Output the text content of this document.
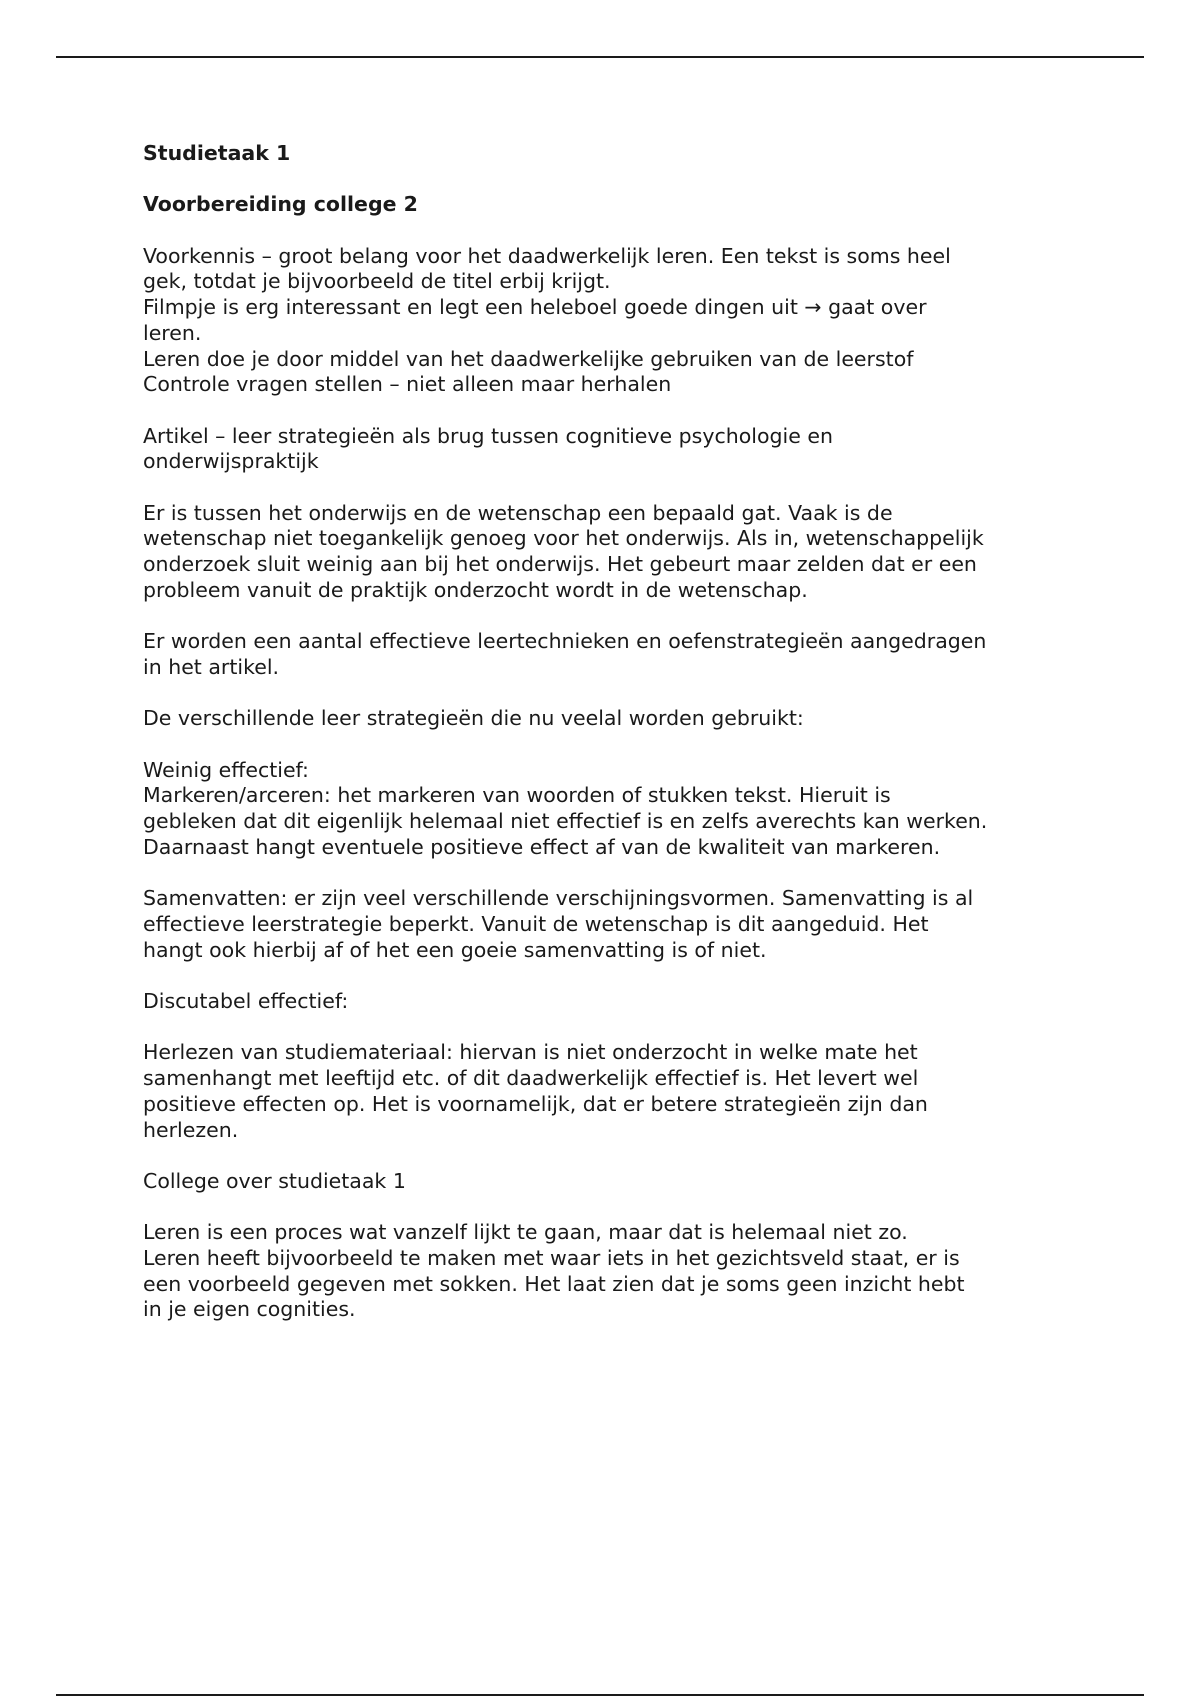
Studietaak 1

Voorbereiding college 2

Voorkennis – groot belang voor het daadwerkelijk leren. Een tekst is soms heel
gek, totdat je bijvoorbeeld de titel erbij krijgt.
Filmpje is erg interessant en legt een heleboel goede dingen uit → gaat over
leren.
Leren doe je door middel van het daadwerkelijke gebruiken van de leerstof
Controle vragen stellen – niet alleen maar herhalen

Artikel – leer strategieën als brug tussen cognitieve psychologie en
onderwijspraktijk

Er is tussen het onderwijs en de wetenschap een bepaald gat. Vaak is de
wetenschap niet toegankelijk genoeg voor het onderwijs. Als in, wetenschappelijk
onderzoek sluit weinig aan bij het onderwijs. Het gebeurt maar zelden dat er een
probleem vanuit de praktijk onderzocht wordt in de wetenschap.

Er worden een aantal effectieve leertechnieken en oefenstrategieën aangedragen
in het artikel.

De verschillende leer strategieën die nu veelal worden gebruikt:

Weinig effectief:
Markeren/arceren: het markeren van woorden of stukken tekst. Hieruit is
gebleken dat dit eigenlijk helemaal niet effectief is en zelfs averechts kan werken.
Daarnaast hangt eventuele positieve effect af van de kwaliteit van markeren.

Samenvatten: er zijn veel verschillende verschijningsvormen. Samenvatting is al
effectieve leerstrategie beperkt. Vanuit de wetenschap is dit aangeduid. Het
hangt ook hierbij af of het een goeie samenvatting is of niet.

Discutabel effectief:

Herlezen van studiemateriaal: hiervan is niet onderzocht in welke mate het
samenhangt met leeftijd etc. of dit daadwerkelijk effectief is. Het levert wel
positieve effecten op. Het is voornamelijk, dat er betere strategieën zijn dan
herlezen.

College over studietaak 1

Leren is een proces wat vanzelf lijkt te gaan, maar dat is helemaal niet zo.
Leren heeft bijvoorbeeld te maken met waar iets in het gezichtsveld staat, er is
een voorbeeld gegeven met sokken. Het laat zien dat je soms geen inzicht hebt
in je eigen cognities.
